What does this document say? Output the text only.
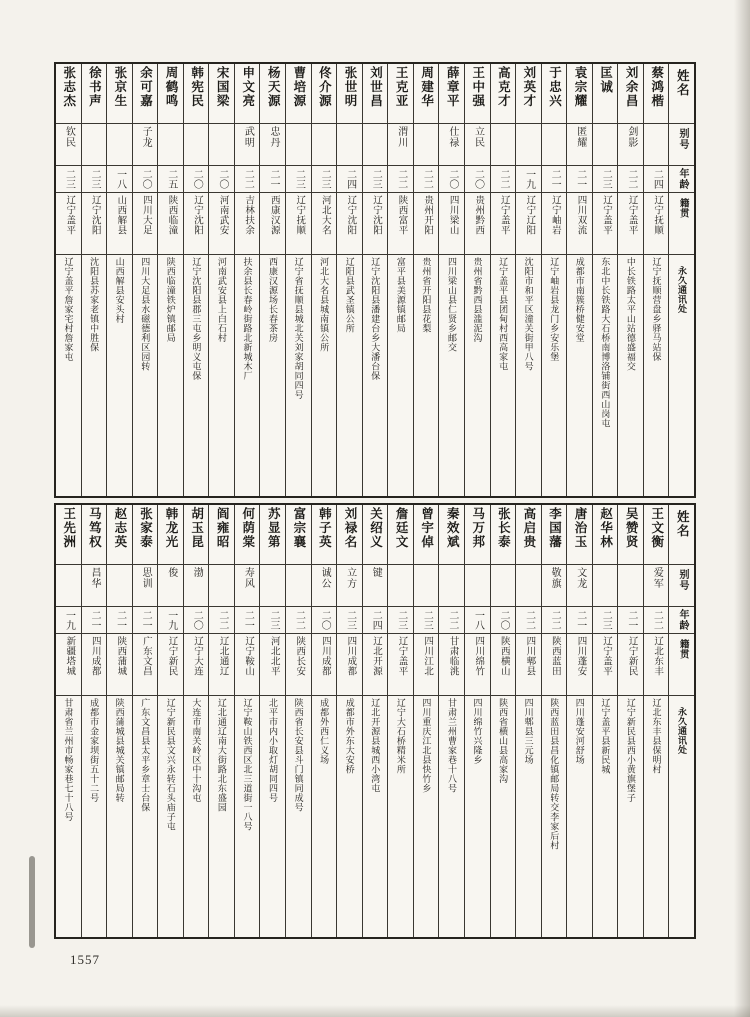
姓名
别号
年龄
籍贯
永久通讯处
蔡鸿楷
二四
辽宁抚顺
辽宁抚顺营盘乡驿马站保
刘余昌
剑影
二二
辽宁盖平
中长铁路太平山站德盛福交
匡诚
二三
辽宁盖平
东北中长铁路大石桥南博洛铺街西山岗屯
袁宗耀
匿耀
二一
四川双流
成都市南簇桥健安堂
于忠兴
二一
辽宁岫岩
辽宁岫岩县龙门乡安乐堡
刘英才
一九
辽宁辽阳
沈阳市和平区潼关街甲八号
高克才
二二
辽宁盖平
辽宁盖平县团甸村西高家屯
王中强
立民
二〇
贵州黔西
贵州省黔西县滥泥沟
薛章平
仕禄
二〇
四川梁山
四川梁山县仁贤乡邮交
周建华
二二
贵州开阳
贵州省开阳县花梨
王克亚
渭川
二二
陕西富平
富平县美源镇邮局
刘世昌
二三
辽宁沈阳
辽宁沈阳县潘建台乡大潘台保
张世明
二四
辽宁沈阳
辽阳县武圣镇公所
佟介源
二三
河北大名
河北大名县城南镇公所
曹培源
二三
辽宁抚顺
辽宁省抚顺县城北关刘家胡同四号
杨天源
忠丹
二一
西康汉源
西康汉源场长春茶房
申文亮
武明
二二
吉林扶余
扶余县长春岭街路北新城木厂
宋国梁
二〇
河南武安
河南武安县上白石村
韩宪民
二〇
辽宁沈阳
辽宁沈阳县郡三屯乡明义屯保
周鹤鸣
二五
陕西临潼
陕西临潼铁炉镇邮局
余可嘉
子龙
二〇
四川大足
四川大足县水磁德利区园转
张京生
一八
山西解县
山西解县安头村
徐书声
二三
辽宁沈阳
沈阳县苏家老镇中胜保
张志杰
钦民
二三
辽宁盖平
辽宁盖平詹家宅村詹家屯
姓名
别号
年龄
籍贯
永久通讯处
王文衡
爱军
二二
辽北东丰
辽北东丰县保明村
吴赞贤
二一
辽宁新民
辽宁新民县西小黄旗堡子
赵华林
二三
辽宁盖平
辽宁盖平县新民城
唐治玉
文龙
二一
四川蓬安
四川蓬安河舒场
李国藩
敬旗
二二
陕西蓝田
陕西蓝田县昌化镇邮局转交李家后村
高启贵
二二
四川郫县
四川郫县三元场
张长泰
二〇
陕西横山
陕西省横山县高家沟
马万邦
一八
四川绵竹
四川绵竹兴隆乡
秦效斌
二二
甘肃临洮
甘肃兰州曹家巷十八号
曾宇倬
二三
四川江北
四川重庆江北县快竹乡
詹廷文
二三
辽宁盖平
辽宁大石桥精米所
关绍义
键
二四
辽北开源
辽北开源县城西小湾屯
刘禄名
立方
二三
四川成都
成都市外东大安桥
韩子英
诚公
二〇
四川成都
成都外西仁义场
富宗襄
二二
陕西长安
陕西省长安县斗门镇同成号
苏显第
二三
河北北平
北平市内小取灯胡同四号
何荫棠
寿风
二一
辽宁鞍山
辽宁鞍山铁西区北三道街一八号
阎雍昭
二二
辽北通辽
辽北通辽南大街路北东盛园
胡玉昆
渤
二〇
辽宁大连
大连市南关岭区中十沟屯
韩龙光
俊
一九
辽宁新民
辽宁新民县文兴永转石头庙子屯
张家泰
思训
二一
广东文昌
广东文昌县太平乡章士台保
赵志英
二一
陕西蒲城
陕西蒲城县城关镇邮局转
马笃权
昌华
二一
四川成都
成都市金家坝街五十二号
王先洲
一九
新疆塔城
甘肃省兰州市畅家巷七十八号
1557
